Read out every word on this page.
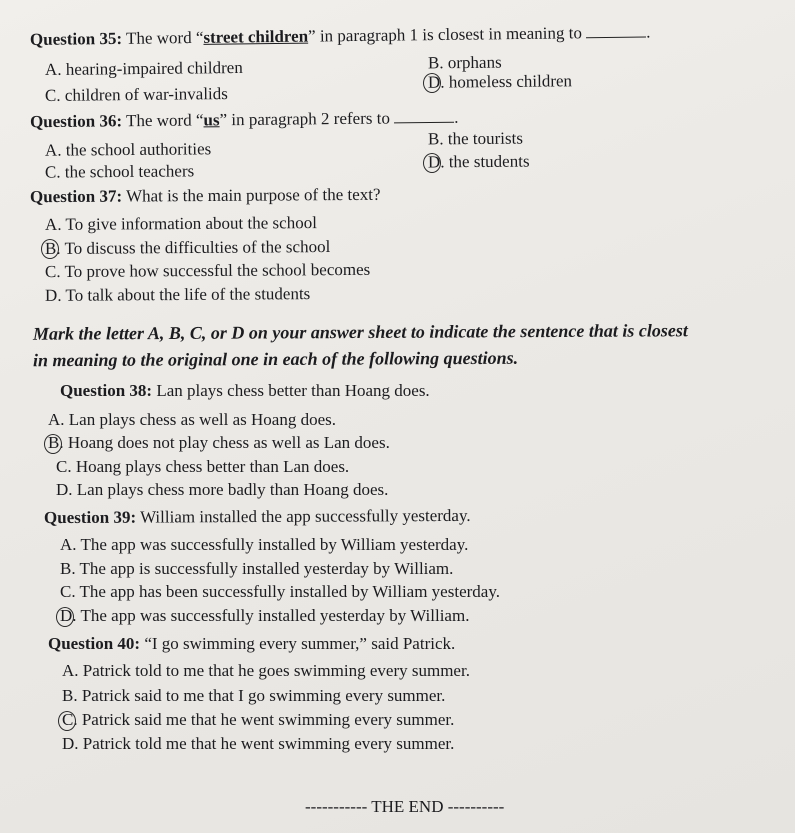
Question 35: The word “street children” in paragraph 1 is closest in meaning to	.
A. hearing-impaired children	B. orphans
C. children of war-invalids
D. homeless children
Question 36: The word “us” in paragraph 2 refers to	.
A. the school authorities
B. the tourists
C. the school teachers	D. the students
Question 37: What is the main purpose of the text?
A. To give information about the school
B. To discuss the difficulties of the school
C. To prove how successful the school becomes
D. To talk about the life of the students
Mark the letter A, B, C, or D on your answer sheet to indicate the sentence that is closest
in meaning to the original one in each of the following questions.
Question 38: Lan plays chess better than Hoang does.
A. Lan plays chess as well as Hoang does.
B. Hoang does not play chess as well as Lan does.
C. Hoang plays chess better than Lan does.
D. Lan plays chess more badly than Hoang does.
Question 39: William installed the app successfully yesterday.
A. The app was successfully installed by William yesterday.
B. The app is successfully installed yesterday by William.
C. The app has been successfully installed by William yesterday.
D. The app was successfully installed yesterday by William.
Question 40: “I go swimming every summer,” said Patrick.
A. Patrick told to me that he goes swimming every summer.
B. Patrick said to me that I go swimming every summer.
C. Patrick said me that he went swimming every summer.
D. Patrick told me that he went swimming every summer.
----------- THE END ----------
